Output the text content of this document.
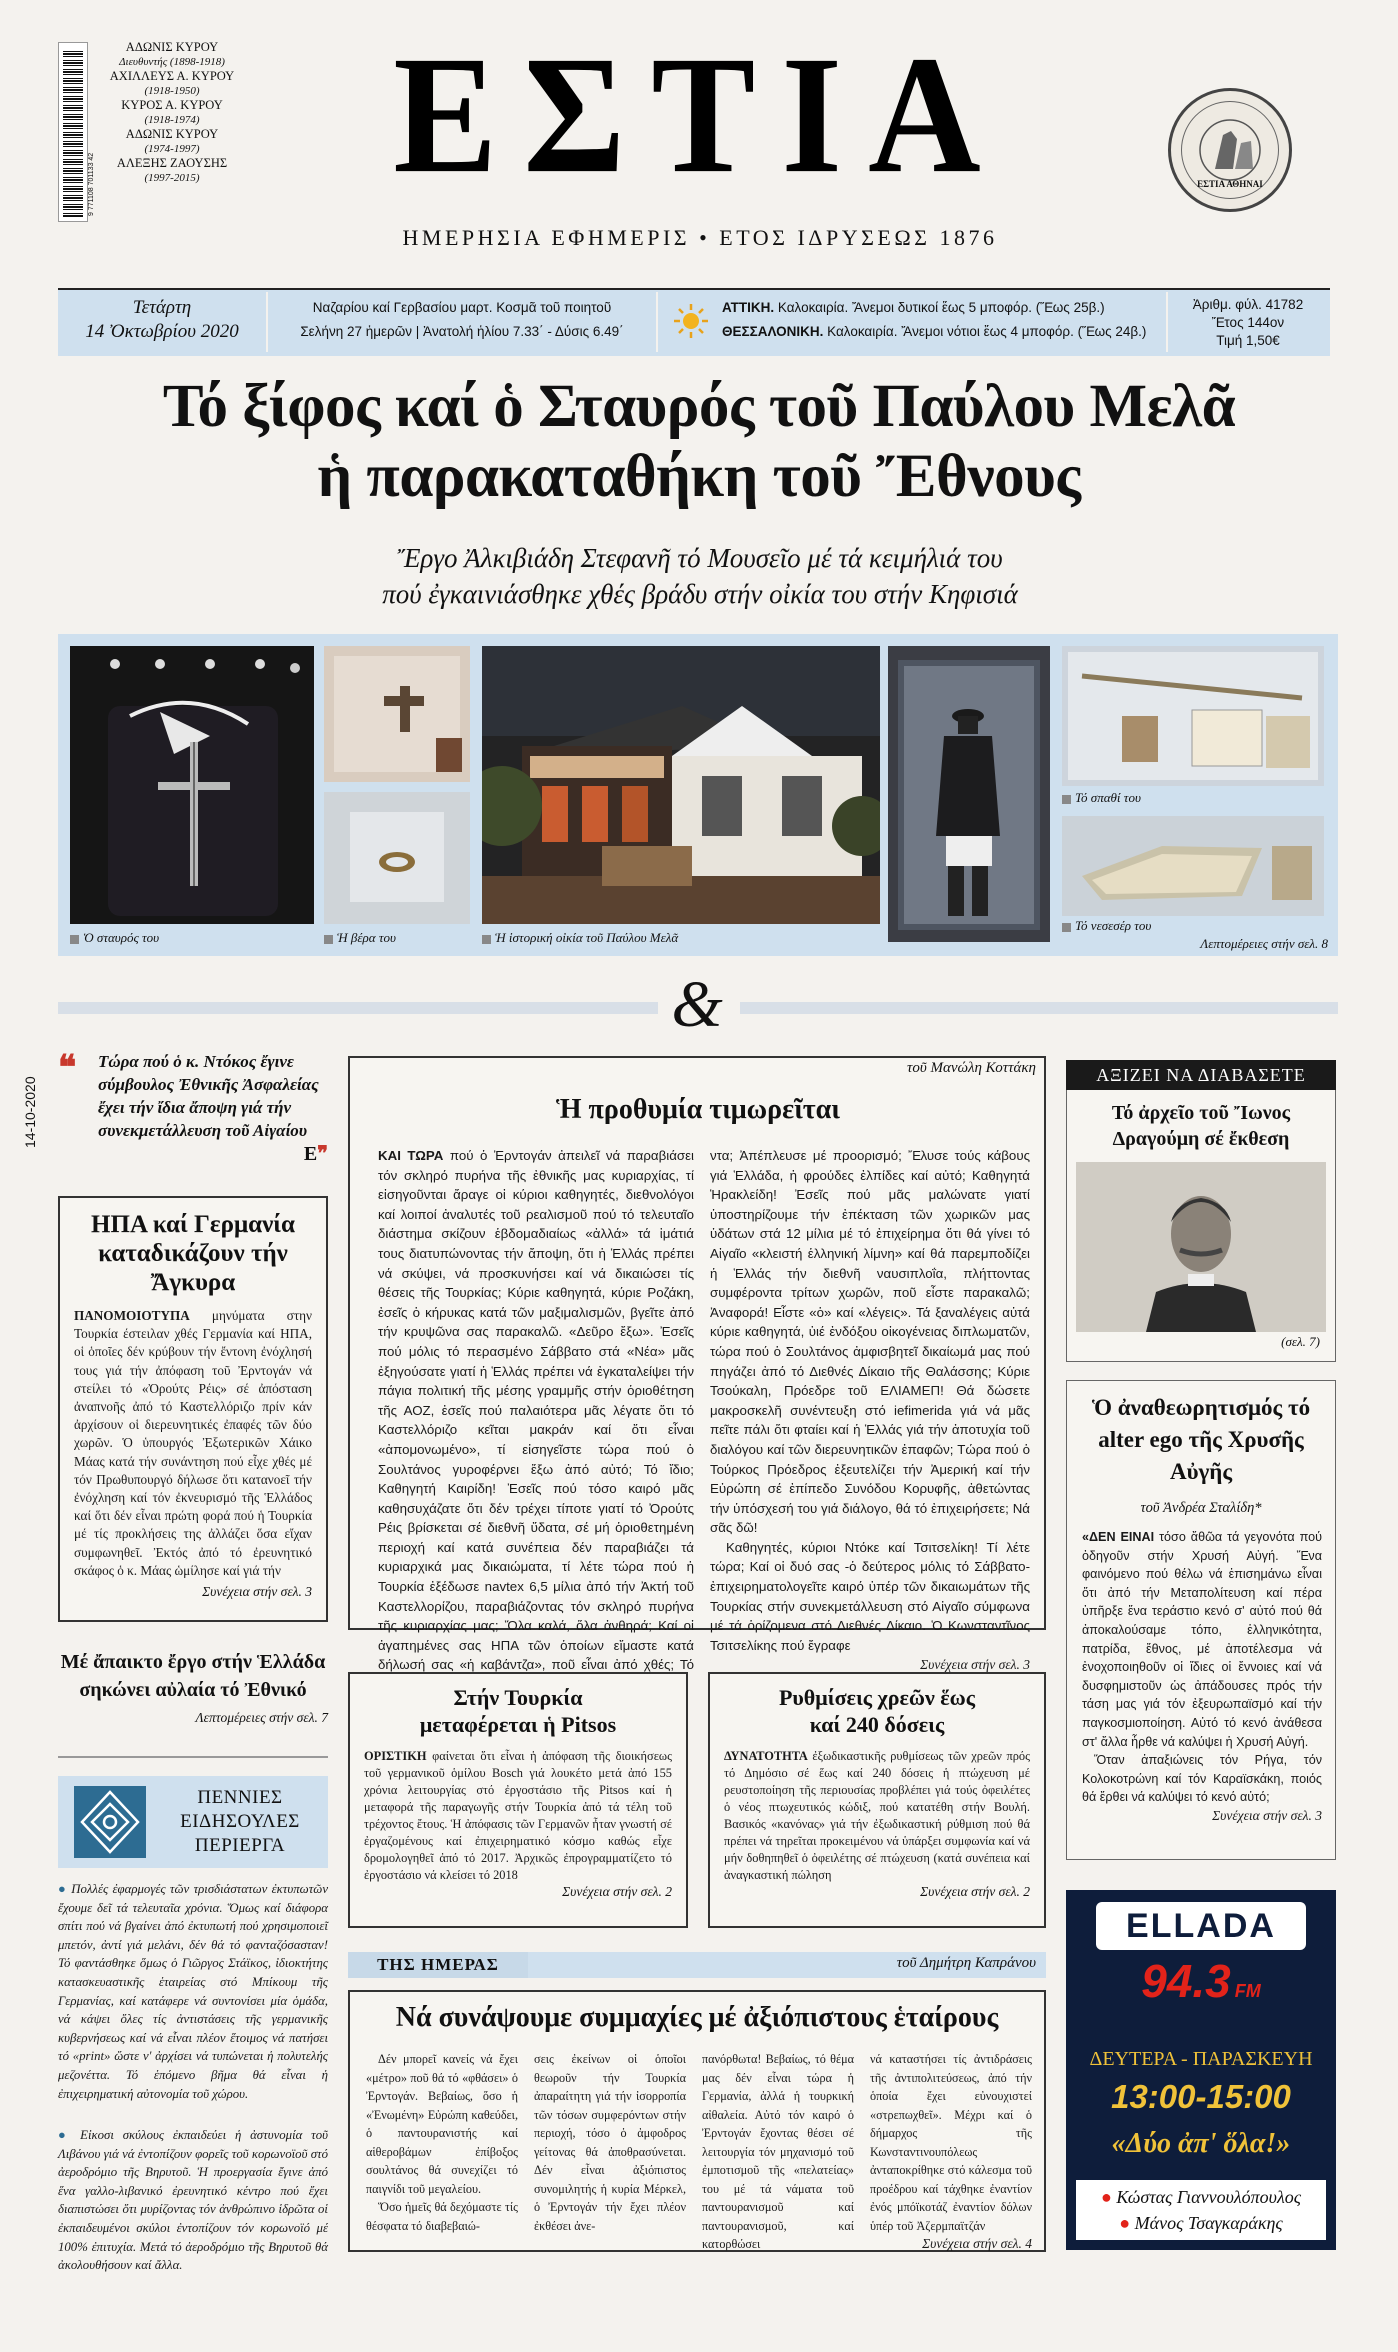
ΑΔΩΝΙΣ ΚΥΡΟΥ
Διευθυντής (1898-1918)
ΑΧΙΛΛΕΥΣ Α. ΚΥΡΟΥ
(1918-1950)
ΚΥΡΟΣ Α. ΚΥΡΟΥ
(1918-1974)
ΑΔΩΝΙΣ ΚΥΡΟΥ
(1974-1997)
ΑΛΕΞΗΣ ΖΑΟΥΣΗΣ
(1997-2015)
9 771108 701133 42	ΕΣΤΙΑ
ΗΜΕΡΗΣΙΑ ΕΦΗΜΕΡΙΣ • ΕΤΟΣ ΙΔΡΥΣΕΩΣ 1876
ΕΣΤΙΑ ΑΘΗΝΑΙ
Τετάρτη
14 Ὀκτωβρίου 2020
Ναζαρίου καί Γερβασίου μαρτ. Κοσμᾶ τοῦ ποιητοῦ
Σελήνη 27 ἡμερῶν | Ἀνατολή ἡλίου 7.33΄ - Δύσις 6.49΄
ΑΤΤΙΚΗ. Καλοκαιρία. Ἄνεμοι δυτικοί ἕως 5 μποφόρ. (Ἕως 25β.)
ΘΕΣΣΑΛΟΝΙΚΗ. Καλοκαιρία. Ἄνεμοι νότιοι ἕως 4 μποφόρ. (Ἕως 24β.)
Ἀριθμ. φύλ. 41782
Ἔτος 144ον
Τιμή 1,50€
Τό ξίφος καί ὁ Σταυρός τοῦ Παύλου Μελᾶ
ἡ παρακαταθήκη τοῦ Ἔθνους
Ἔργο Ἀλκιβιάδη Στεφανῆ τό Μουσεῖο μέ τά κειμήλιά του
πού ἐγκαινιάσθηκε χθές βράδυ στήν οἰκία του στήν Κηφισιά
Ὁ σταυρός του	Ἡ βέρα του	Ἡ ἱστορική οἰκία τοῦ Παύλου Μελᾶ
Τό σπαθί του
Τό νεσεσέρ του
Λεπτομέρειες στήν σελ. 8
&
14-10-2020
❝	Τώρα πού ὁ κ. Ντόκος ἔγινε σύμβουλος Ἐθνικῆς Ἀσφαλείας ἔχει τήν ἴδια ἄποψη γιά τήν συνεκμετάλλευση τοῦ Αἰγαίου
Ε❞
ΗΠΑ καί Γερμανία καταδικάζουν τήν Ἄγκυρα
ΠΑΝΟΜΟΙΟΤΥΠΑ μηνύματα στην Τουρκία έστειλαν χθές Γερμανία καί ΗΠΑ, οἱ ὁποῖες δέν κρύβουν τήν ἔντονη ἐνόχλησή τους γιά τήν ἀπόφαση τοῦ Ἐρντογάν νά στείλει τό «Ὀρούτς Ρέις» σέ ἀπόσταση ἀναπνοῆς ἀπό τό Καστελλόριζο πρίν κάν ἀρχίσουν οἱ διερευνητικές ἐπαφές τῶν δύο χωρῶν. Ὁ ὑπουργός Ἐξωτερικῶν Χάικο Μάας κατά τήν συνάντηση πού εἶχε χθές μέ τόν Πρωθυπουργό δήλωσε ὅτι κατανοεῖ τήν ἐνόχληση καί τόν ἐκνευρισμό τῆς Ἑλλάδος καί ὅτι δέν εἶναι πρώτη φορά πού ἡ Τουρκία μέ τίς προκλήσεις της ἀλλάζει ὅσα εἴχαν συμφωνηθεῖ. Ἐκτός ἀπό τό ἐρευνητικό σκάφος ὁ κ. Μάας ὡμίλησε καί γιά τήν
Συνέχεια στήν σελ. 3
Μέ ἄπαικτο ἔργο στήν Ἑλλάδα σηκώνει αὐλαία τό Ἐθνικό
Λεπτομέρειες στήν σελ. 7
ΠΕΝΝΙΕΣ
ΕΙΔΗΣΟΥΛΕΣ
ΠΕΡΙΕΡΓΑ
● Πολλές ἐφαρμογές τῶν τρισδιάστατων ἐκτυπωτῶν ἔχουμε δεῖ τά τελευταῖα χρόνια. Ὅμως καί διάφορα σπίτι πού νά βγαίνει ἀπό ἐκτυπωτή πού χρησιμοποιεῖ μπετόν, ἀντί γιά μελάνι, δέν θά τό φανταζόσασταν! Τό φαντάσθηκε ὅμως ὁ Γιῶργος Στάϊκος, ἰδιοκτήτης κατασκευαστικῆς ἑταιρείας στό Μπίκουμ τῆς Γερμανίας, καί κατάφερε νά συντονίσει μία ὁμάδα, νά κάψει ὅλες τίς ἀντιστάσεις τῆς γερμανικῆς κυβερνήσεως καί νά εἶναι πλέον ἕτοιμος νά πατήσει τό «print» ὥστε ν' ἀρχίσει νά τυπώνεται ἡ πολυτελής μεζονέττα. Τό ἑπόμενο βῆμα θά εἶναι ἡ ἐπιχειρηματική αὐτονομία τοῦ χώρου.
● Εἰκοσι σκύλους ἐκπαιδεύει ἡ ἀστυνομία τοῦ Λιβάνου γιά νά ἐντοπίζουν φορεῖς τοῦ κορωνοϊοῦ στό ἀεροδρόμιο τῆς Βηρυτοῦ. Ἡ προεργασία ἔγινε ἀπό ἕνα γαλλο-λιβανικό ἐρευνητικό κέντρο πού ἔχει διαπιστώσει ὅτι μυρίζοντας τόν ἀνθρώπινο ἱδρῶτα οἱ ἐκπαιδευμένοι σκύλοι ἐντοπίζουν τόν κορωνοϊό μέ 100% ἐπιτυχία. Μετά τό ἀεροδρόμιο τῆς Βηρυτοῦ θά ἀκολουθήσουν καί ἄλλα.
τοῦ Μανώλη Κοττάκη
Ἡ προθυμία τιμωρεῖται
ΚΑΙ ΤΩΡΑ πού ὁ Ἐρντογάν ἀπειλεῖ νά παραβιάσει τόν σκληρό πυρήνα τῆς ἐθνικῆς μας κυριαρχίας, τί εἰσηγοῦνται ἄραγε οἱ κύριοι καθηγητές, διεθνολόγοι καί λοιποί ἀναλυτές τοῦ ρεαλισμοῦ πού τό τελευταῖο διάστημα σκίζουν ἑβδομαδιαίως «ἀλλά» τά ἱμάτιά τους διατυπώνοντας τήν ἄποψη, ὅτι ἡ Ἑλλάς πρέπει νά σκύψει, νά προσκυνήσει καί νά δικαιώσει τίς θέσεις τῆς Τουρκίας; Κύριε καθηγητά, κύριε Ροζάκη, ἐσεῖς ὁ κήρυκας κατά τῶν μαξιμαλισμῶν, βγεῖτε ἀπό τήν κρυψῶνα σας παρακαλῶ. «Δεῦρο ἔξω». Ἐσεῖς πού μόλις τό περασμένο Σάββατο στά «Νέα» μᾶς ἐξηγούσατε γιατί ἡ Ἑλλάς πρέπει νά ἐγκαταλείψει τήν πάγια πολιτική τῆς μέσης γραμμῆς στήν ὁριοθέτηση τῆς ΑΟΖ, ἐσεῖς πού παλαιότερα μᾶς λέγατε ὅτι τό Καστελλόριζο κεῖται μακράν καί ὅτι εἶναι «ἀπομονωμένο», τί εἰσηγεῖστε τώρα πού ὁ Σουλτάνος γυροφέρνει ἔξω ἀπό αὐτό; Τό ἴδιο; Καθηγητή Καιρίδη! Ἐσεῖς πού τόσο καιρό μᾶς καθησυχάζατε ὅτι δέν τρέχει τίποτε γιατί τό Ὀρούτς Ρέις βρίσκεται σέ διεθνῆ ὕδατα, σέ μή ὁριοθετημένη περιοχή καί κατά συνέπεια δέν παραβιάζει τά κυριαρχικά μας δικαιώματα, τί λέτε τώρα πού ἡ Τουρκία ἐξέδωσε navtex 6,5 μίλια ἀπό τήν Ἀκτή τοῦ Καστελλορίζου, παραβιάζοντας τόν σκληρό πυρήνα τῆς κυριαρχίας μας; Ὅλα καλά, ὅλα ἀνθηρά; Καί οἱ ἀγαπημένες σας ΗΠΑ τῶν ὁποίων εἴμαστε κατά δήλωσή σας «ἡ καβάντζα», ποῦ εἶναι ἀπό χθές; Τό
ντα; Ἀπέπλευσε μέ προορισμό; Ἔλυσε τούς κάβους γιά Ἑλλάδα, ἡ φρούδες ἐλπίδες καί αὐτό; Καθηγητά Ἡρακλείδη! Ἐσεῖς πού μᾶς μαλώνατε γιατί ὑποστηρίζουμε τήν ἐπέκταση τῶν χωρικῶν μας ὑδάτων στά 12 μίλια μέ τό ἐπιχείρημα ὅτι θά γίνει τό Αἰγαῖο «κλειστή ἑλληνική λίμνη» καί θά παρεμποδίζει ἡ Ἑλλάς τήν διεθνῆ ναυσιπλοΐα, πλήττοντας συμφέροντα τρίτων χωρῶν, ποῦ εἶστε παρακαλῶ; Ἀναφορά! Εἶστε «ὁ» καί «λέγεις». Τά ξαναλέγεις αὐτά κύριε καθηγητά, ὑιέ ἐνδόξου οἰκογένειας διπλωματῶν, τώρα πού ὁ Σουλτάνος ἀμφισβητεῖ δικαίωμά μας πού πηγάζει ἀπό τό Διεθνές Δίκαιο τῆς Θαλάσσης; Κύριε Τσούκαλη, Πρόεδρε τοῦ ΕΛΙΑΜΕΠ! Θά δώσετε μακροσκελῆ συνέντευξη στό iefimerida γιά νά μᾶς πεῖτε πάλι ὅτι φταίει καί ἡ Ἑλλάς γιά τήν ἀποτυχία τοῦ διαλόγου καί τῶν διερευνητικῶν ἐπαφῶν; Τώρα πού ὁ Τούρκος Πρόεδρος ἐξευτελίζει τήν Ἀμερική καί τήν Εὐρώπη σέ ἐπίπεδο Συνόδου Κορυφῆς, ἀθετώντας τήν ὑπόσχεσή του γιά διάλογο, θά τό ἐπιχειρήσετε; Νά σᾶς δῶ!
Καθηγητές, κύριοι Ντόκε καί Τσιτσελίκη! Τί λέτε τώρα; Καί οἱ δυό σας -ὁ δεύτερος μόλις τό Σάββατο- ἐπιχειρηματολογεῖτε καιρό ὑπέρ τῶν δικαιωμάτων τῆς Τουρκίας στήν συνεκμετάλλευση στό Αἰγαῖο σύμφωνα μέ τά ὁρίζομενα στό Διεθνές Δίκαιο. Ὁ Κωνσταντῖνος Τσιτσελίκης πού ἔγραφε
Συνέχεια στήν σελ. 3
Στήν Τουρκία μεταφέρεται ἡ Pitsos
ΟΡΙΣΤΙΚΗ φαίνεται ὅτι εἶναι ἡ ἀπόφαση τῆς διοικήσεως τοῦ γερμανικοῦ ὁμίλου Bosch γιά λουκέτο μετά ἀπό 155 χρόνια λειτουργίας στό ἐργοστάσιο τῆς Pitsos καί ἡ μεταφορά τῆς παραγωγῆς στήν Τουρκία ἀπό τά τέλη τοῦ τρέχοντος ἔτους. Ἡ ἀπόφασις τῶν Γερμανῶν ἦταν γνωστή σέ ἐργαζομένους καί ἐπιχειρηματικό κόσμο καθώς εἶχε δρομολογηθεῖ ἀπό τό 2017. Ἀρχικῶς ἐπρογραμματίζετο τό ἐργοστάσιο νά κλείσει τό 2018
Συνέχεια στήν σελ. 2
Ρυθμίσεις χρεῶν ἕως καί 240 δόσεις
ΔΥΝΑΤΟΤΗΤΑ ἐξωδικαστικῆς ρυθμίσεως τῶν χρεῶν πρός τό Δημόσιο σέ ἕως καί 240 δόσεις ἡ πτώχευση μέ ρευστοποίηση τῆς περιουσίας προβλέπει γιά τούς ὀφειλέτες ὁ νέος πτωχευτικός κώδιξ, πού κατατέθη στήν Βουλή. Βασικός «κανόνας» γιά τήν ἐξωδικαστική ρύθμιση πού θά πρέπει νά τηρεῖται προκειμένου νά ὑπάρξει συμφωνία καί νά μήν δοθηπηθεῖ ὁ ὀφειλέτης σέ πτώχευση (κατά συνέπεια καί ἀναγκαστική πώληση
Συνέχεια στήν σελ. 2
ΤΗΣ ΗΜΕΡΑΣ	τοῦ Δημήτρη Καπράνου
Νά συνάψουμε συμμαχίες μέ ἀξιόπιστους ἑταίρους
Δέν μπορεῖ κανείς νά ἔχει «μέτρο» ποῦ θά τό «φθάσει» ὁ Ἐρντογάν. Βεβαίως, ὅσο ἡ «Ἐνωμένη» Εὐρώπη καθεύδει, ὁ παντουρανιστής καί αἱθεροβάμων ἐπίβοξος σουλτάνος θά συνεχίζει τό παιγνίδι τοῦ μεγαλείου.
Ὅσο ἡμεῖς θά δεχόμαστε τίς θέσφατα τό διαβεβαιώ-
σεις ἐκείνων οἱ ὁποῖοι θεωροῦν τήν Τουρκία ἀπαραίτητη γιά τήν ἰσορροπία τῶν τόσων συμφερόντων στήν περιοχή, τόσο ὁ ἀμφοδρος γείτονας θά ἀποθρασύνεται. Δέν εἶναι ἀξιόπιστος συνομιλητής ἡ κυρία Μέρκελ, ὁ Ἐρντογάν τήν ἔχει πλέον ἐκθέσει ἀνε-
πανόρθωτα! Βεβαίως, τό θέμα μας δέν εἶναι τώρα ἡ Γερμανία, ἀλλά ἡ τουρκική αἰθαλεία. Αὐτό τόν καιρό ὁ Ἐρντογάν ἔχοντας θέσει σέ λειτουργία τόν μηχανισμό τοῦ ἐμποτισμοῦ τῆς «πελατείας» του μέ τά νάματα τοῦ παντουρανισμοῦ καί παντουρανισμοῦ, καί κατορθώσει
νά καταστήσει τίς ἀντιδράσεις τῆς ἀντιπολιτεύσεως, ἀπό τήν ὁποία ἔχει εὐνουχιστεί «στρεπωχθεῖ». Μέχρι καί ὁ δήμαρχος τῆς Κωνσταντινουπόλεως ἀνταποκρίθηκε στό κάλεσμα τοῦ προέδρου καί τάχθηκε ἐναντίον ἐνός μπόϊκοτάζ ἐναντίον δόλων ὑπέρ τοῦ Ἀζερμπαϊτζάν
Συνέχεια στήν σελ. 4
ΑΞΙΖΕΙ ΝΑ ΔΙΑΒΑΣΕΤΕ
Τό ἀρχεῖο τοῦ Ἴωνος Δραγούμη σέ ἔκθεση
(σελ. 7)
Ὁ ἀναθεωρητισμός τό alter ego τῆς Χρυσῆς Αὐγῆς
τοῦ Ἀνδρέα Σταλίδη*
«ΔΕΝ ΕΙΝΑΙ τόσο ἄθῶα τά γεγονότα πού ὁδηγοῦν στήν Χρυσή Αὐγή. Ἕνα φαινόμενο πού θέλω νά ἐπισημάνω εἶναι ὅτι ἀπό τήν Μεταπολίτευση καί πέρα ὑπῆρξε ἕνα τεράστιο κενό σ' αὐτό πού θά ἀποκαλούσαμε τόπο, ἑλληνικότητα, πατρίδα, ἔθνος, μέ ἀποτέλεσμα νά ἐνοχοποιηθοῦν οἱ ἴδιες οἱ ἔννοιες καί νά δυσφημιστοῦν ὡς ἀπάδουσες πρός τήν τάση μας γιά τόν ἐξευρωπαϊσμό καί τήν παγκοσμιοποίηση. Αὐτό τό κενό ἀνάθεσα στ' ἄλλα ἦρθε νά καλύψει ἡ Χρυσή Αὐγή.
Ὅταν ἀπαξιώνεις τόν Ρήγα, τόν Κολοκοτρώνη καί τόν Καραϊσκάκη, ποιός θά ἔρθει νά καλύψει τό κενό αὐτό;
Συνέχεια στήν σελ. 3
ELLADA
94.3 FM
ΔΕΥΤΕΡΑ - ΠΑΡΑΣΚΕΥΗ
13:00-15:00
«Δύο ἀπ' ὅλα!»
● Κώστας Γιαννουλόπουλος
● Μάνος Τσαγκαράκης
